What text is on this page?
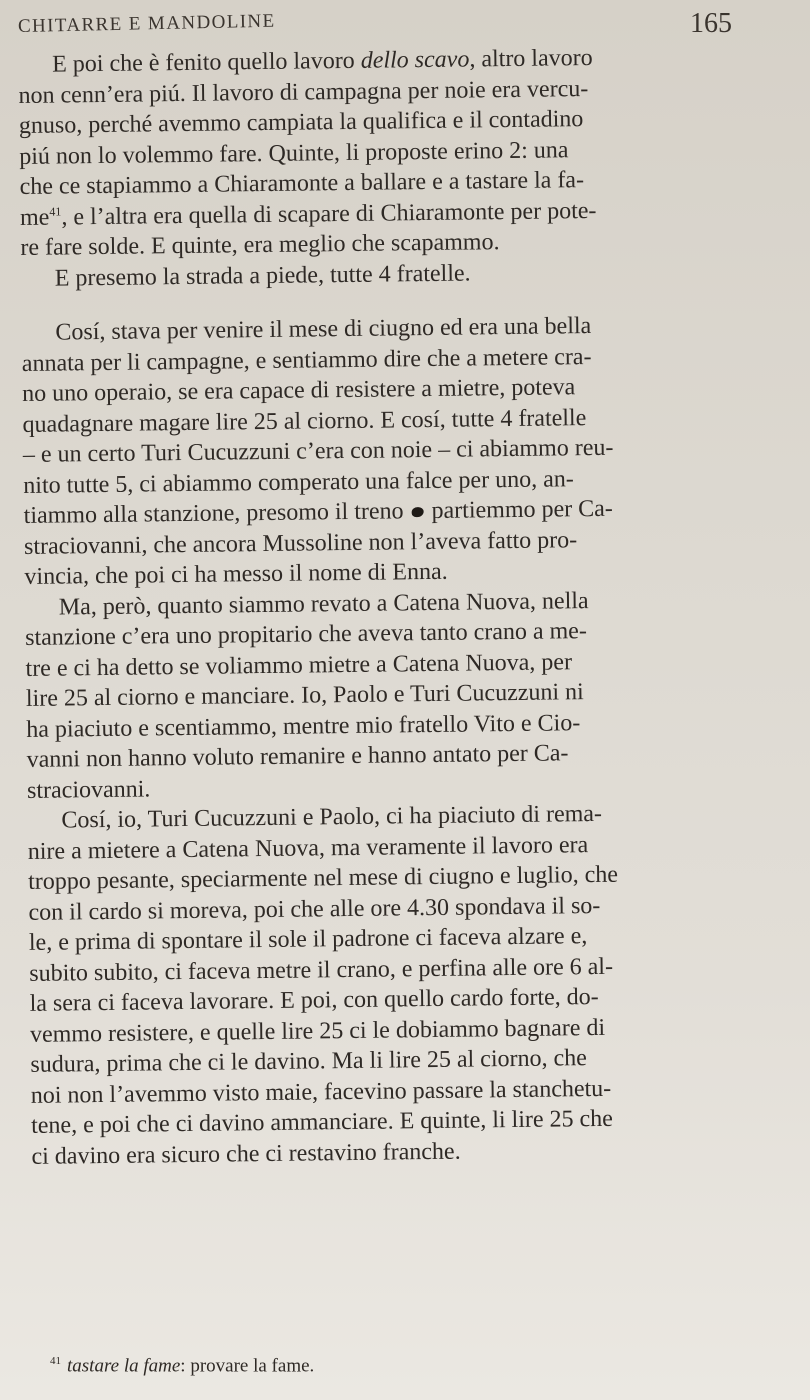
CHITARRE E MANDOLINE	165

E poi che è fenito quello lavoro dello scavo, altro lavoro
non cenn’era piú. Il lavoro di campagna per noie era vercu-
gnuso, perché avemmo campiata la qualifica e il contadino
piú non lo volemmo fare. Quinte, li proposte erino 2: una
che ce stapiammo a Chiaramonte a ballare e a tastare la fa-
me$^{41}$, e l’altra era quella di scapare di Chiaramonte per pote-
re fare solde. E quinte, era meglio che scapammo.

E presemo la strada a piede, tutte 4 fratelle.

Cosí, stava per venire il mese di ciugno ed era una bella
annata per li campagne, e sentiammo dire che a metere cra-
no uno operaio, se era capace di resistere a mietre, poteva
quadagnare magare lire 25 al ciorno. E cosí, tutte 4 fratelle
– e un certo Turi Cucuzzuni c’era con noie – ci abiammo reu-
nito tutte 5, ci abiammo comperato una falce per uno, an-
tiammo alla stanzione, presomo il treno  partiemmo per Ca-
straciovanni, che ancora Mussoline non l’aveva fatto pro-
vincia, che poi ci ha messo il nome di Enna.

Ma, però, quanto siammo revato a Catena Nuova, nella
stanzione c’era uno propitario che aveva tanto crano a me-
tre e ci ha detto se voliammo mietre a Catena Nuova, per
lire 25 al ciorno e manciare. Io, Paolo e Turi Cucuzzuni ni
ha piaciuto e scentiammo, mentre mio fratello Vito e Cio-
vanni non hanno voluto remanire e hanno antato per Ca-
straciovanni.

Cosí, io, Turi Cucuzzuni e Paolo, ci ha piaciuto di rema-
nire a mietere a Catena Nuova, ma veramente il lavoro era
troppo pesante, speciarmente nel mese di ciugno e luglio, che
con il cardo si moreva, poi che alle ore 4.30 spondava il so-
le, e prima di spontare il sole il padrone ci faceva alzare e,
subito subito, ci faceva metre il crano, e perfina alle ore 6 al-
la sera ci faceva lavorare. E poi, con quello cardo forte, do-
vemmo resistere, e quelle lire 25 ci le dobiammo bagnare di
sudura, prima che ci le davino. Ma li lire 25 al ciorno, che
noi non l’avemmo visto maie, facevino passare la stanchetu-
tene, e poi che ci davino ammanciare. E quinte, li lire 25 che
ci davino era sicuro che ci restavino franche.

$^{41}$ tastare la fame: provare la fame.
